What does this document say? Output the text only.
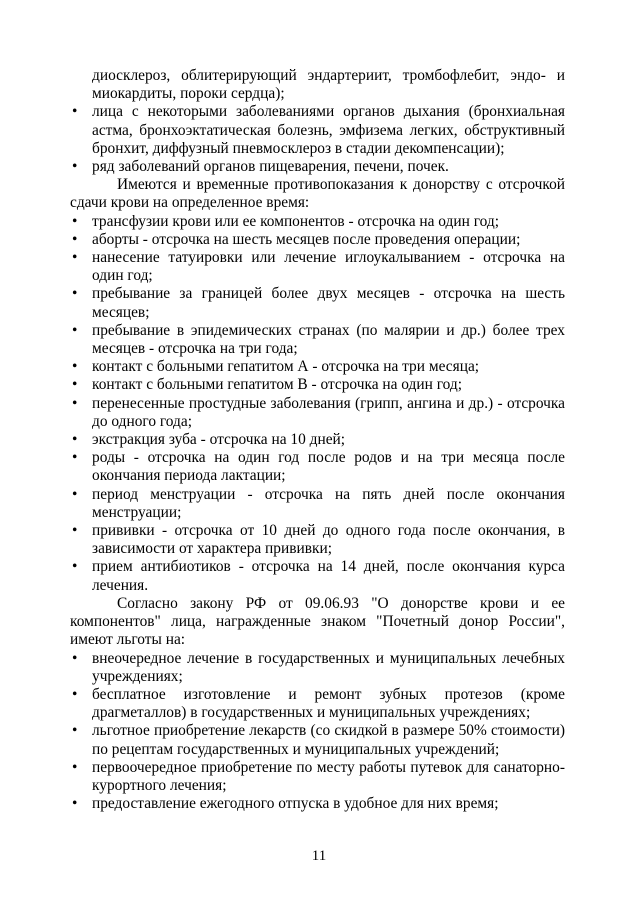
диосклероз, облитерирующий эндартериит, тромбофлебит, эндо- и миокардиты, пороки сердца);
• лица с некоторыми заболеваниями органов дыхания (бронхиальная астма, бронхоэктатическая болезнь, эмфизема легких, обструктивный бронхит, диффузный пневмосклероз в стадии декомпенсации);
• ряд заболеваний органов пищеварения, печени, почек.

Имеются и временные противопоказания к донорству с отсрочкой сдачи крови на определенное время:

• трансфузии крови или ее компонентов - отсрочка на один год;
• аборты - отсрочка на шесть месяцев после проведения операции;
• нанесение татуировки или лечение иглоукалыванием - отсрочка на один год;
• пребывание за границей более двух месяцев - отсрочка на шесть месяцев;
• пребывание в эпидемических странах (по малярии и др.) более трех месяцев - отсрочка на три года;
• контакт с больными гепатитом А - отсрочка на три месяца;
• контакт с больными гепатитом В - отсрочка на один год;
• перенесенные простудные заболевания (грипп, ангина и др.) - отсрочка до одного года;
• экстракция зуба - отсрочка на 10 дней;
• роды - отсрочка на один год после родов и на три месяца после окончания периода лактации;
• период менструации - отсрочка на пять дней после окончания менструации;
• прививки - отсрочка от 10 дней до одного года после окончания, в зависимости от характера прививки;
• прием антибиотиков - отсрочка на 14 дней, после окончания курса лечения.

Согласно закону РФ от 09.06.93 "О донорстве крови и ее компонентов" лица, награжденные знаком "Почетный донор России", имеют льготы на:

• внеочередное лечение в государственных и муниципальных лечебных учреждениях;
• бесплатное изготовление и ремонт зубных протезов (кроме драгметаллов) в государственных и муниципальных учреждениях;
• льготное приобретение лекарств (со скидкой в размере 50% стоимости) по рецептам государственных и муниципальных учреждений;
• первоочередное приобретение по месту работы путевок для санаторно-курортного лечения;
• предоставление ежегодного отпуска в удобное для них время;
11
